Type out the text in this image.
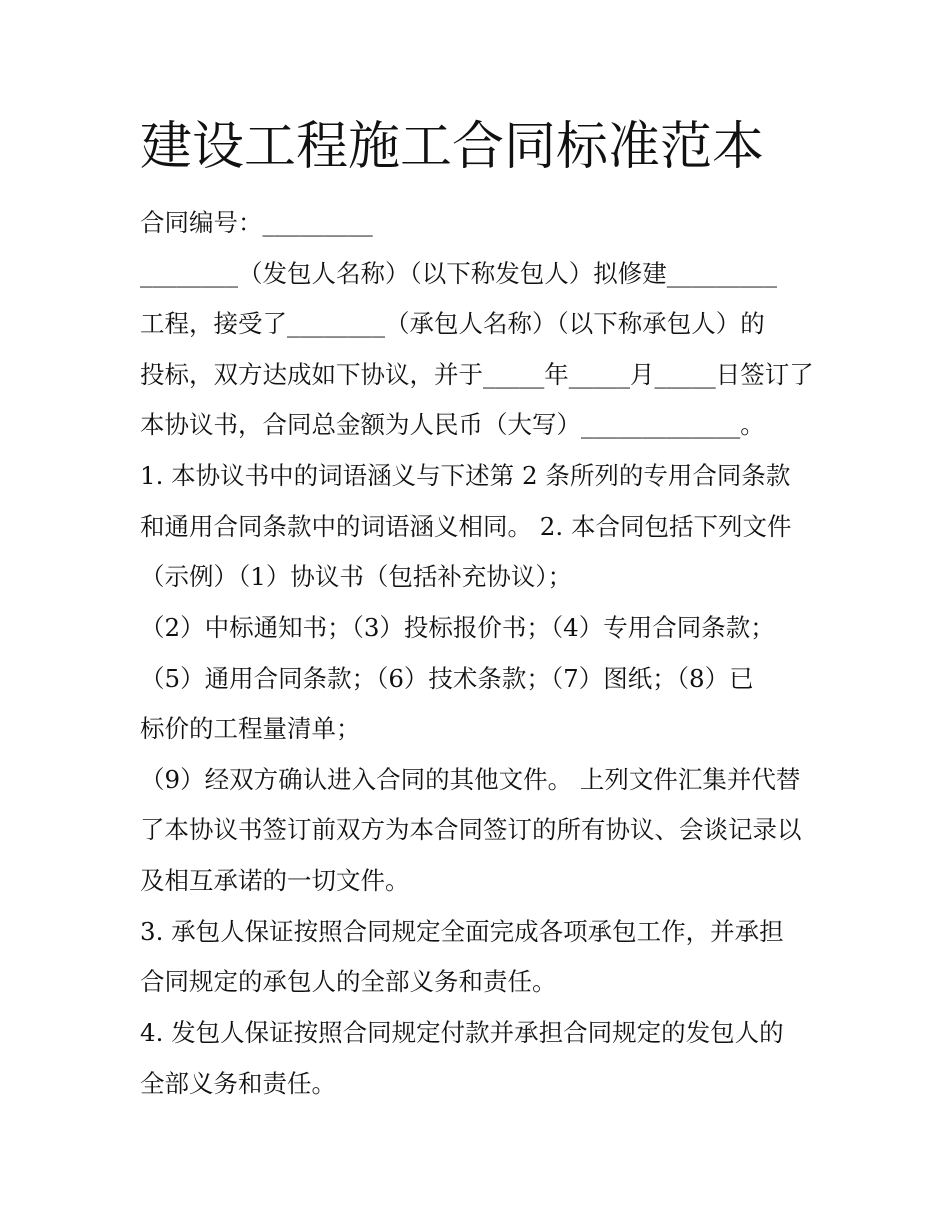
建设工程施工合同标准范本

合同编号：_________

________（发包人名称）（以下称发包人）拟修建_________

工程，接受了________（承包人名称）（以下称承包人）的

投标，双方达成如下协议，并于_____年_____月_____日签订了

本协议书，合同总金额为人民币（大写）_____________。

1. 本协议书中的词语涵义与下述第 2 条所列的专用合同条款

和通用合同条款中的词语涵义相同。 2. 本合同包括下列文件

（示例）（1）协议书（包括补充协议）；

（2）中标通知书；（3）投标报价书；（4）专用合同条款；

（5）通用合同条款；（6）技术条款；（7）图纸；（8）已

标价的工程量清单；

（9）经双方确认进入合同的其他文件。 上列文件汇集并代替

了本协议书签订前双方为本合同签订的所有协议、会谈记录以

及相互承诺的一切文件。

3. 承包人保证按照合同规定全面完成各项承包工作，并承担

合同规定的承包人的全部义务和责任。

4. 发包人保证按照合同规定付款并承担合同规定的发包人的

全部义务和责任。
